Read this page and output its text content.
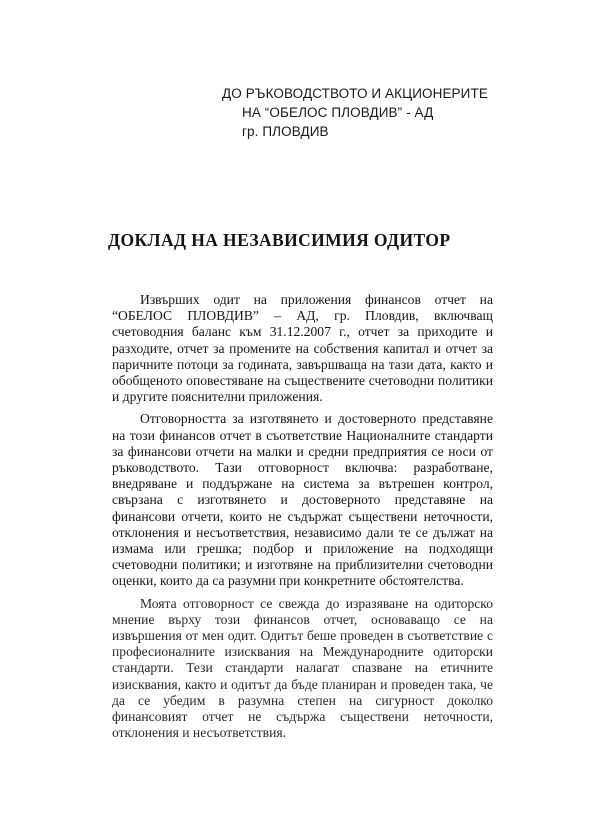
ДО РЪКОВОДСТВОТО И АКЦИОНЕРИТЕ
НА “ОБЕЛОС ПЛОВДИВ” - АД
гр. ПЛОВДИВ
ДОКЛАД НА НЕЗАВИСИМИЯ ОДИТОР

Извърших одит на приложения финансов отчет на “ОБЕЛОС ПЛОВДИВ” – АД, гр. Пловдив, включващ счетоводния баланс към 31.12.2007 г., отчет за приходите и разходите, отчет за промените на собствения капитал и отчет за паричните потоци за годината, завършваща на тази дата, както и обобщеното оповестяване на съществените счетоводни политики и другите пояснителни приложения.

Отговорността за изготвянето и достоверното представяне на този финансов отчет в съответствие Националните стандарти за финансови отчети на малки и средни предприятия се носи от ръководството. Тази отговорност включва: разработване, внедряване и поддържане на система за вътрешен контрол, свързана с изготвянето и достоверното представяне на финансови отчети, които не съдържат съществени неточности, отклонения и несъответствия, независимо дали те се дължат на измама или грешка; подбор и приложение на подходящи счетоводни политики; и изготвяне на приблизителни счетоводни оценки, които да са разумни при конкретните обстоятелства.

Моята отговорност се свежда до изразяване на одиторско мнение върху този финансов отчет, основаващо се на извършения от мен одит. Одитът беше проведен в съответствие с професионалните изисквания на Международните одиторски стандарти. Тези стандарти налагат спазване на етичните изисквания, както и одитът да бъде планиран и проведен така, че да се убедим в разумна степен на сигурност доколко финансовият отчет не съдържа съществени неточности, отклонения и несъответствия.
